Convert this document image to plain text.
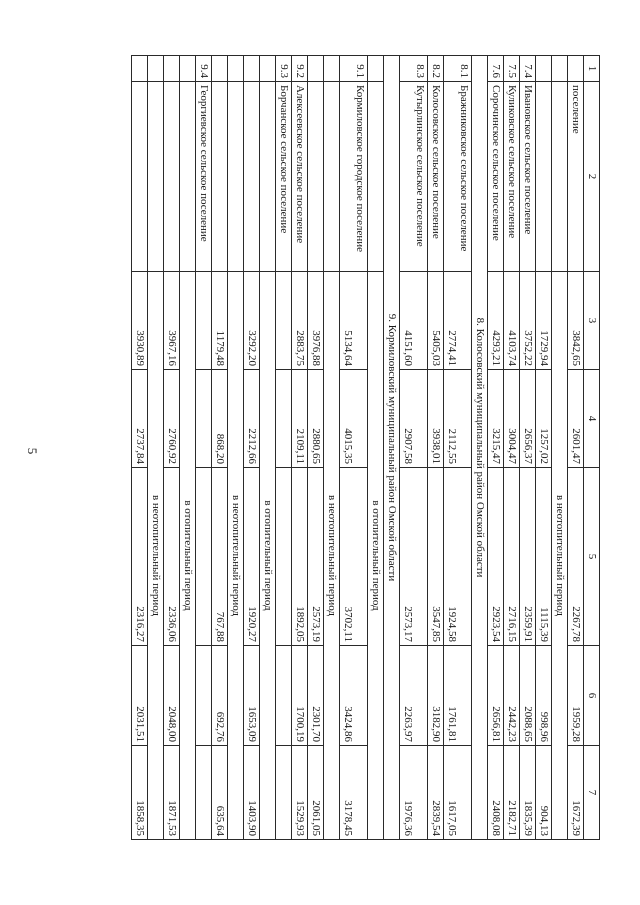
5
1	2	3	4	5	6	7
	поселение	3842,65	2601,47	2267,78	1959,28	1672,39
		в неотопительный период				
		1729,94	1257,02	1115,39	998,96	904,13
7.4	Ивановское сельское поселение	3752,22	2656,37	2359,91	2088,65	1835,39
7.5	Куликовское сельское поселение	4103,74	3004,47	2716,15	2442,23	2182,71
7.6	Сорочинское сельское поселение	4293,21	3215,47	2923,54	2656,81	2408,08
8. Колосовский муниципальный район Омской области						
8.1	Бражниковское сельское поселение	2774,41	2112,55	1924,58	1761,81	1617,05
8.2	Колосовское сельское поселение	5405,03	3938,01	3547,85	3182,90	2839,54
8.3	Кутырлинское сельское поселение	4151,60	2907,58	2573,17	2263,97	1976,36
9. Кормиловский муниципальный район Омской области						
		в отопительный период				
9.1	Кормиловское городское поселение	5134,64	4015,35	3702,11	3424,86	3178,45
		в неотопительный период				
		3976,88	2880,65	2573,19	2301,70	2061,05
9.2	Алексеевское сельское поселение	2883,75	2109,11	1892,05	1700,19	1529,93
9.3	Борчанское сельское поселение					
		в отопительный период				
		3292,20	2212,66	1920,27	1653,09	1403,90
		в неотопительный период				
		1179,48	868,20	767,88	692,76	635,64
9.4	Георгиевское сельское поселение					
		в отопительный период				
		3967,16	2760,92	2336,06	2048,00	1871,53
		в неотопительный период				
		3930,89	2737,84	2316,27	2031,51	1858,35
